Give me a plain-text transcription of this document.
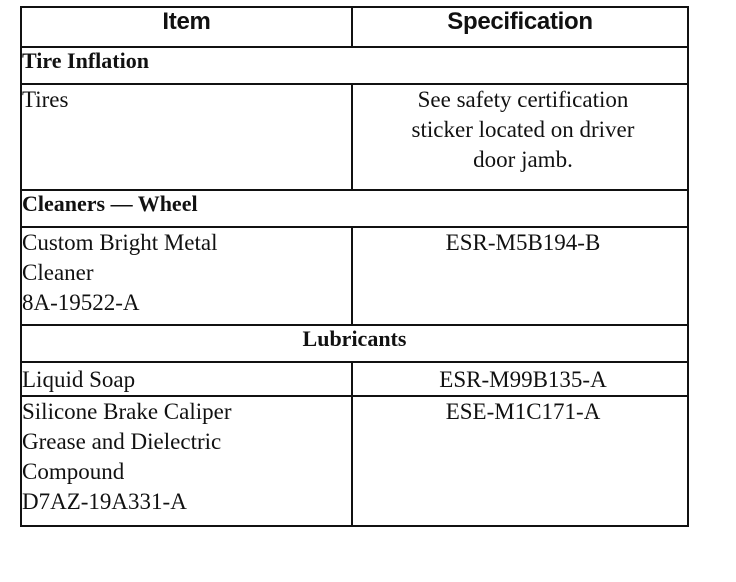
Item	Specification
Tire Inflation	

Tires	See safety certification
sticker located on driver
door jamb.

Cleaners — Wheel	

Custom Bright Metal
Cleaner
8A-19522-A	ESR-M5B194-B

Lubricants	

Liquid Soap	ESR-M99B135-A

Silicone Brake Caliper
Grease and Dielectric
Compound
D7AZ-19A331-A	ESE-M1C171-A
